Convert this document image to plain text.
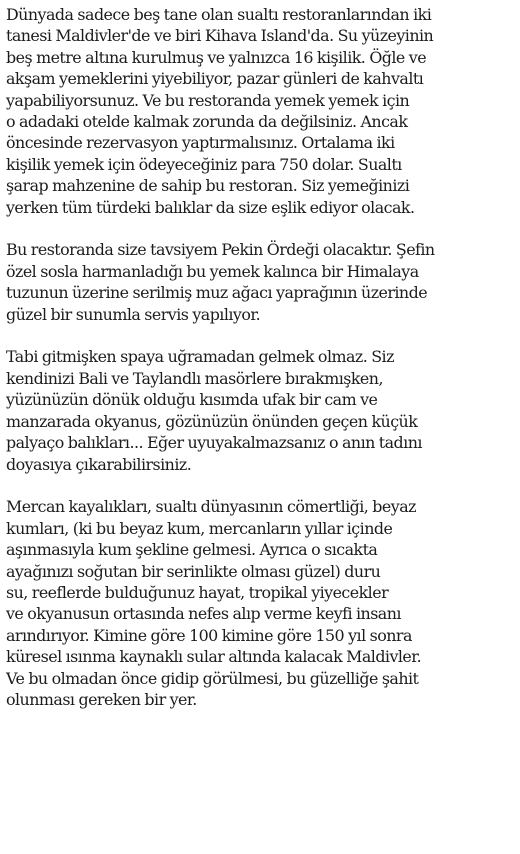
Dünyada sadece beş tane olan sualtı restoranlarından iki
tanesi Maldivler'de ve biri Kihava Island'da. Su yüzeyinin
beş metre altına kurulmuş ve yalnızca 16 kişilik. Öğle ve
akşam yemeklerini yiyebiliyor, pazar günleri de kahvaltı
yapabiliyorsunuz. Ve bu restoranda yemek yemek için
o adadaki otelde kalmak zorunda da değilsiniz. Ancak
öncesinde rezervasyon yaptırmalısınız. Ortalama iki
kişilik yemek için ödeyeceğiniz para 750 dolar. Sualtı
şarap mahzenine de sahip bu restoran. Siz yemeğinizi
yerken tüm türdeki balıklar da size eşlik ediyor olacak.

Bu restoranda size tavsiyem Pekin Ördeği olacaktır. Şefin
özel sosla harmanladığı bu yemek kalınca bir Himalaya
tuzunun üzerine serilmiş muz ağacı yaprağının üzerinde
güzel bir sunumla servis yapılıyor.

Tabi gitmişken spaya uğramadan gelmek olmaz. Siz
kendinizi Bali ve Taylandlı masörlere bırakmışken,
yüzünüzün dönük olduğu kısımda ufak bir cam ve
manzarada okyanus, gözünüzün önünden geçen küçük
palyaço balıkları... Eğer uyuyakalmazsanız o anın tadını
doyasıya çıkarabilirsiniz.

Mercan kayalıkları, sualtı dünyasının cömertliği, beyaz
kumları, (ki bu beyaz kum, mercanların yıllar içinde
aşınmasıyla kum şekline gelmesi. Ayrıca o sıcakta
ayağınızı soğutan bir serinlikte olması güzel) duru
su, reeflerde bulduğunuz hayat, tropikal yiyecekler
ve okyanusun ortasında nefes alıp verme keyfi insanı
arındırıyor. Kimine göre 100 kimine göre 150 yıl sonra
küresel ısınma kaynaklı sular altında kalacak Maldivler.
Ve bu olmadan önce gidip görülmesi, bu güzelliğe şahit
olunması gereken bir yer.
